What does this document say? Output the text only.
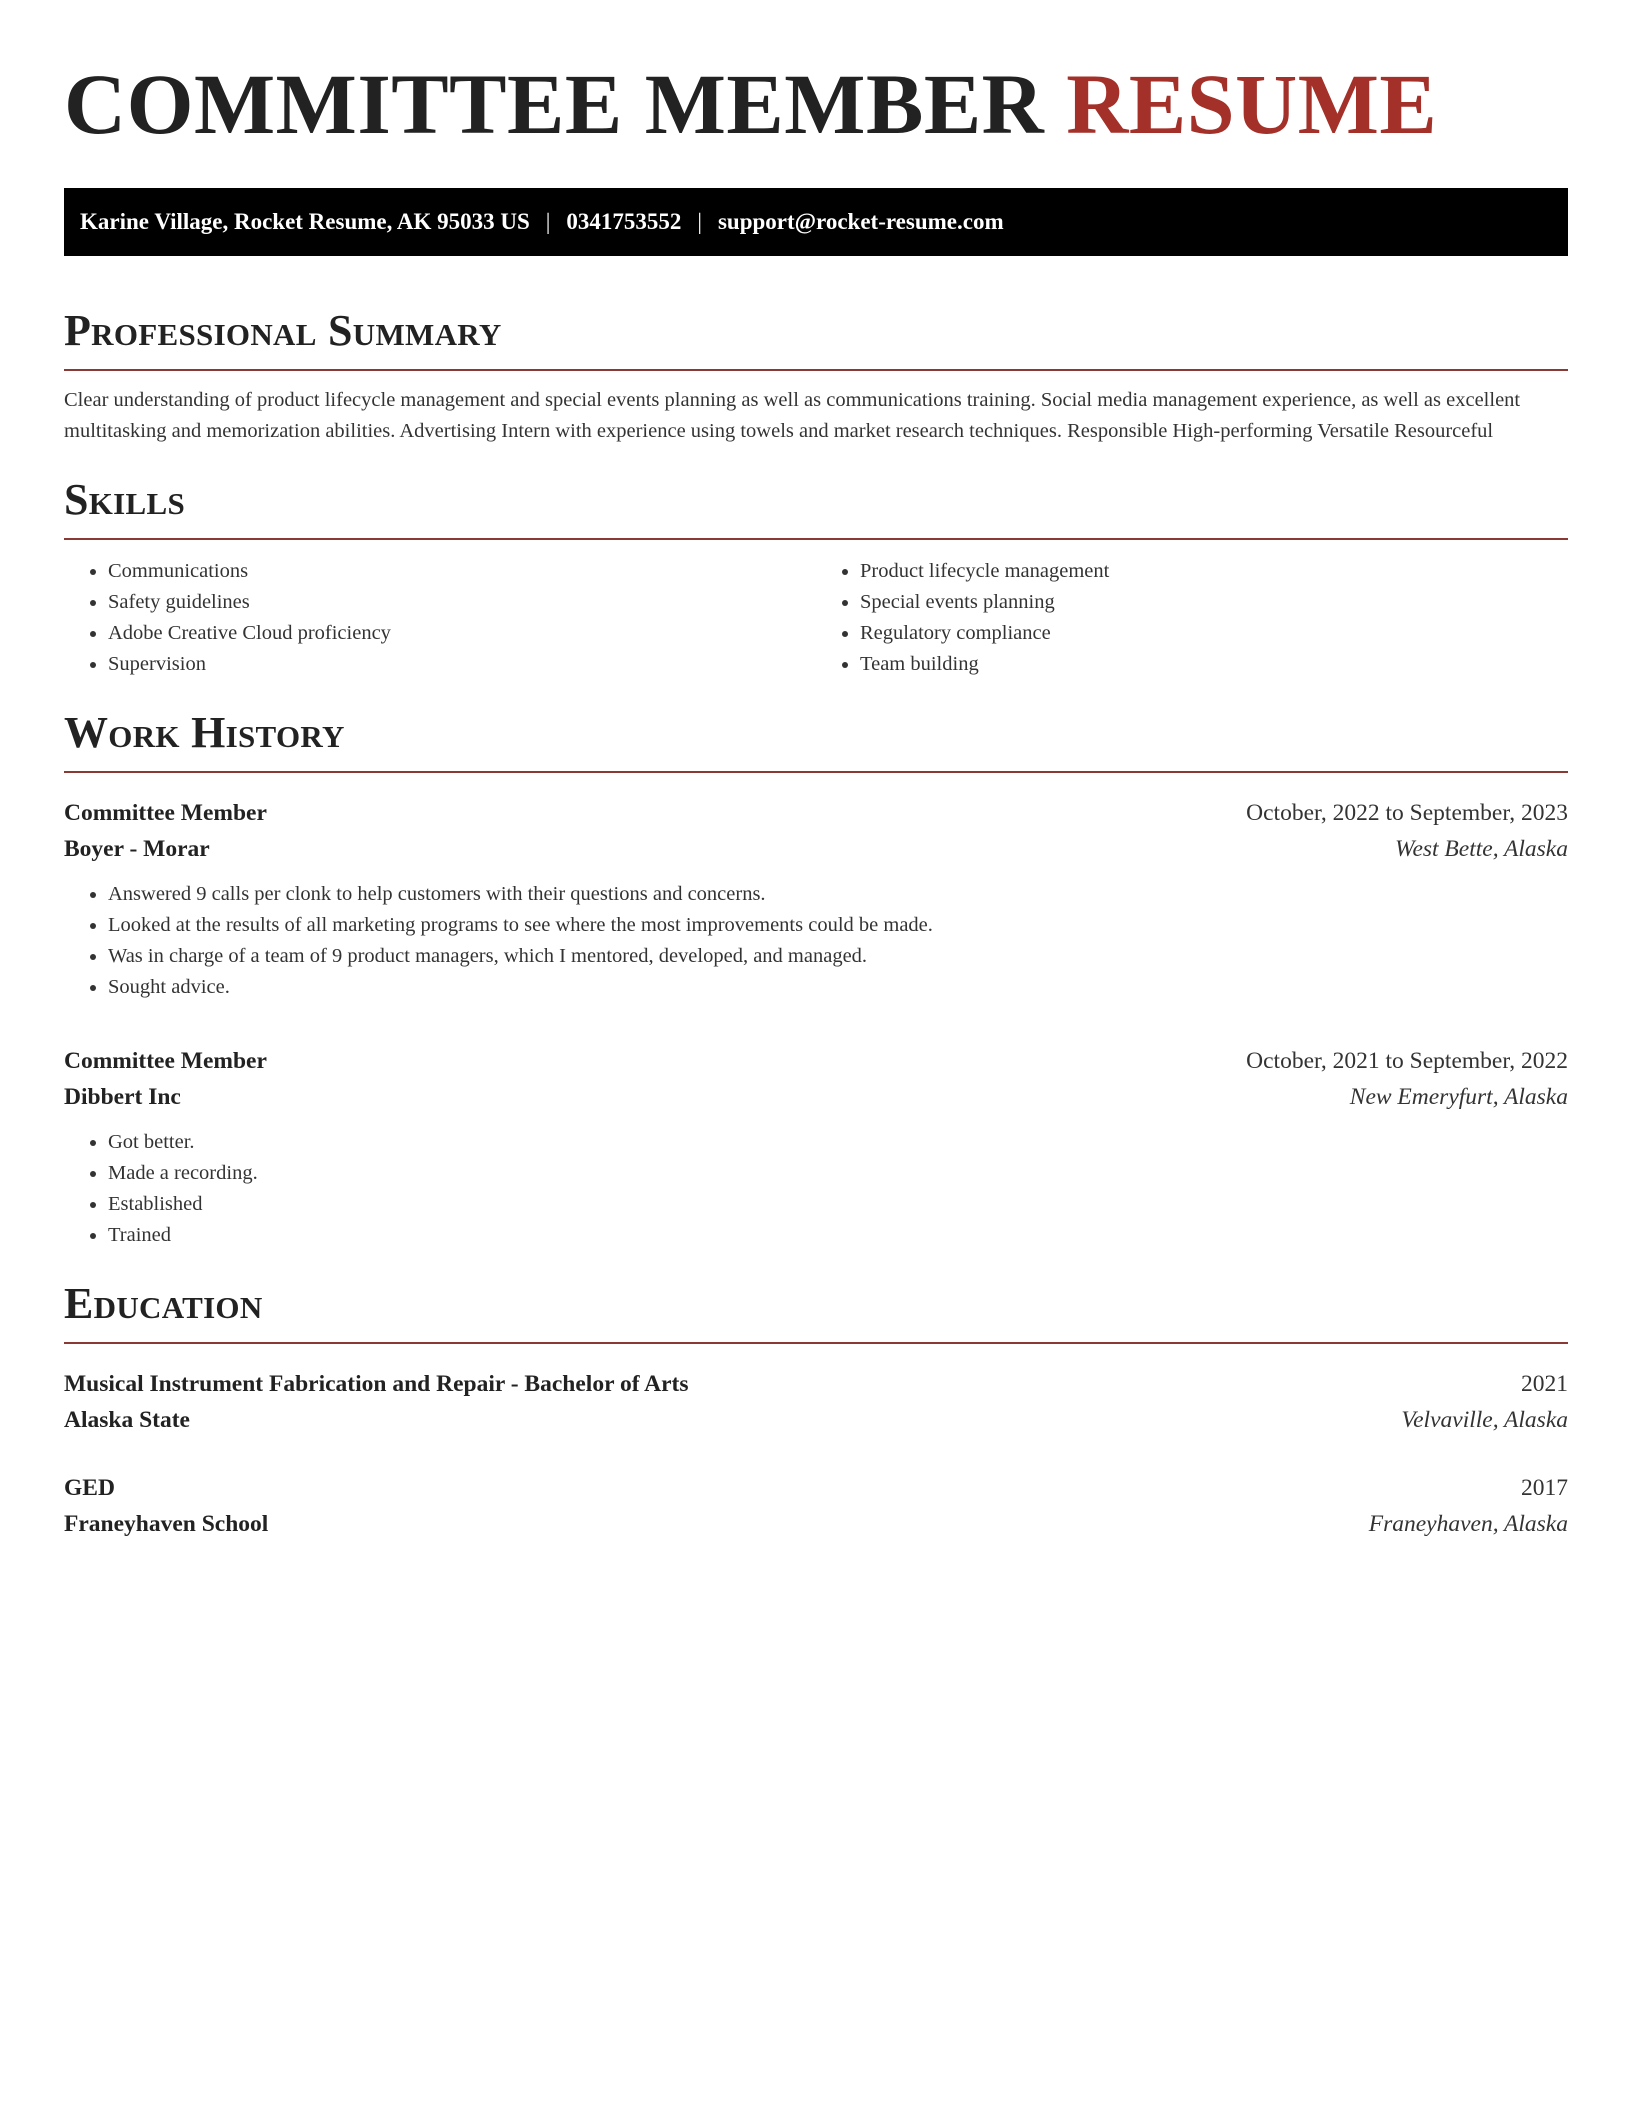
COMMITTEE MEMBER RESUME
Karine Village, Rocket Resume, AK 95033 US | 0341753552 | support@rocket-resume.com
Professional Summary

Clear understanding of product lifecycle management and special events planning as well as communications training. Social media management experience, as well as excellent multitasking and memorization abilities. Advertising Intern with experience using towels and market research techniques. Responsible High-performing Versatile Resourceful

Skills
• Communications
• Safety guidelines
• Adobe Creative Cloud proficiency
• Supervision
• Product lifecycle management
• Special events planning
• Regulatory compliance
• Team building
Work History
Committee Member	October, 2022 to September, 2023
Boyer - Morar	West Bette, Alaska
• Answered 9 calls per clonk to help customers with their questions and concerns.
• Looked at the results of all marketing programs to see where the most improvements could be made.
• Was in charge of a team of 9 product managers, which I mentored, developed, and managed.
• Sought advice.
Committee Member	October, 2021 to September, 2022
Dibbert Inc	New Emeryfurt, Alaska
• Got better.
• Made a recording.
• Established
• Trained
Education
Musical Instrument Fabrication and Repair - Bachelor of Arts	2021
Alaska State	Velvaville, Alaska
GED	2017
Franeyhaven School	Franeyhaven, Alaska
